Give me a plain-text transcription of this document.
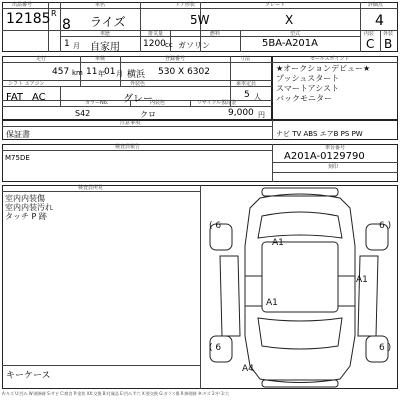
出品番号	車名	ドア形状	グレード	評価点
12185 R
8 ライズ	5W	X	4
車歴	排気量	燃料	型式	内装 外装
1 月 自家用	1200 cc ガソリン	5BA-A201A	C B
走行	車検	登録番号	寸法
457 km 11 年 01 月 横浜 530 X 6302
シフト エアコン	外装色	乗車定員
FAT AC	グレー	5 人
カラーNo.	内装色	リサイクル預託金
S42	クロ	9,000 円
セールスポイント
★オークションデビュー★
プッシュスタート
スマートアシスト
バックモニター
注意事項
保証書	ナビ TV ABS エアB PS PW
検査員報告
M75DE
車台番号
A201A-0129790
刻印
検査員所見
室内内装傷
室内内装汚れ
タッチ P 跡
キーケース
( 6	6 )
( 6	6 )
A1
A1
A1
A4
A:キズ U:凹み W:補修跡 S:サビ C:腐食 P:塗装 XX:交換 B:付属品 E:凹み Y:穴 X:要交換 G:ガラス傷 R:修理跡 ※:キズ 2:中 3:大
